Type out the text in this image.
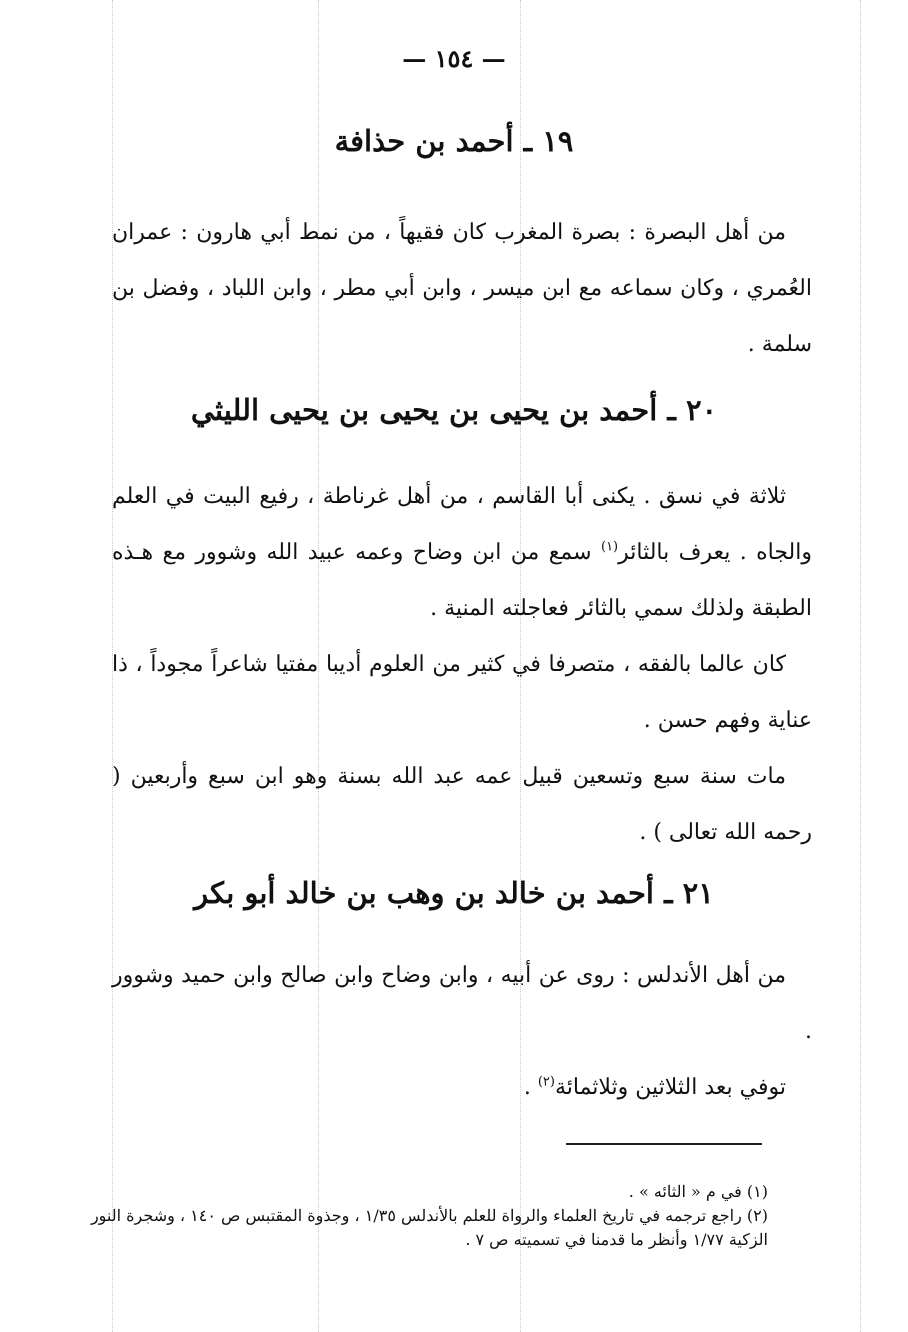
— ١٥٤ —
١٩ ـ أحمد بن حذافة

من أهل البصرة : بصرة المغرب كان فقيهاً ، من نمط أبي هارون : عمران العُمري ، وكان سماعه مع ابن ميسر ، وابن أبي مطر ، وابن اللباد ، وفضل بن سلمة .

٢٠ ـ أحمد بن يحيى بن يحيى بن يحيى الليثي

ثلاثة في نسق . يكنى أبا القاسم ، من أهل غرناطة ، رفيع البيت في العلم والجاه . يعرف بالثائر$^{(١)}$ سمع من ابن وضاح وعمه عبيد الله وشوور مع هـذه الطبقة ولذلك سمي بالثائر فعاجلته المنية .

كان عالما بالفقه ، متصرفا في كثير من العلوم أديبا مفتيا شاعراً مجوداً ، ذا عناية وفهم حسن .

مات سنة سبع وتسعين قبيل عمه عبد الله بسنة وهو ابن سبع وأربعين ( رحمه الله تعالى ) .

٢١ ـ أحمد بن خالد بن وهب بن خالد أبو بكر

من أهل الأندلس : روى عن أبيه ، وابن وضاح وابن صالح وابن حميد وشوور .

توفي بعد الثلاثين وثلاثمائة$^{(٢)}$ .

(١) في م « الثائه » .

(٢) راجع ترجمه في تاريخ العلماء والرواة للعلم بالأندلس ١/٣٥ ، وجذوة المقتبس ص ١٤٠ ، وشجرة النور الزكية ١/٧٧ وأنظر ما قدمنا في تسميته ص ٧ .
